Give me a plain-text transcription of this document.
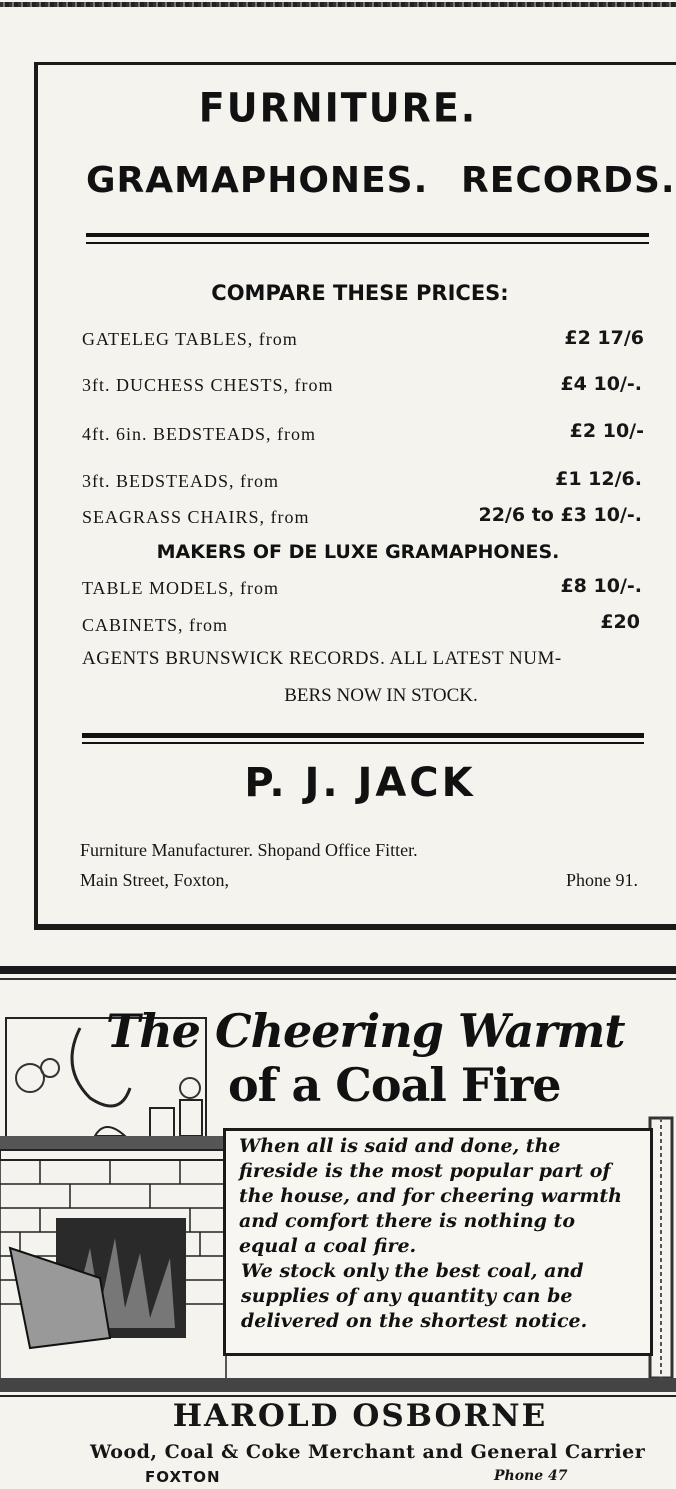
FURNITURE.
GRAMAPHONES. RECORDS.
COMPARE THESE PRICES:
GATELEG TABLES, from	£2 17/6
3ft. DUCHESS CHESTS, from	£4 10/-.
4ft. 6in. BEDSTEADS, from	£2 10/-
3ft. BEDSTEADS, from	£1 12/6.
SEAGRASS CHAIRS, from	22/6 to £3 10/-.
MAKERS OF DE LUXE GRAMAPHONES.
TABLE MODELS, from	£8 10/-.
CABINETS, from	£20
AGENTS BRUNSWICK RECORDS. ALL LATEST NUM-
BERS NOW IN STOCK.
P. J. JACK
Furniture Manufacturer. Shopand Office Fitter.
Main Street, Foxton,	Phone 91.
The Cheering Warmt
of a Coal Fire
When all is said and done, the fireside is the most popular part of the house, and for cheering warmth and comfort there is nothing to equal a coal fire.
We stock only the best coal, and supplies of any quantity can be delivered on the shortest notice.
HAROLD OSBORNE
Wood, Coal & Coke Merchant and General Carrier
FOXTON	Phone 47
